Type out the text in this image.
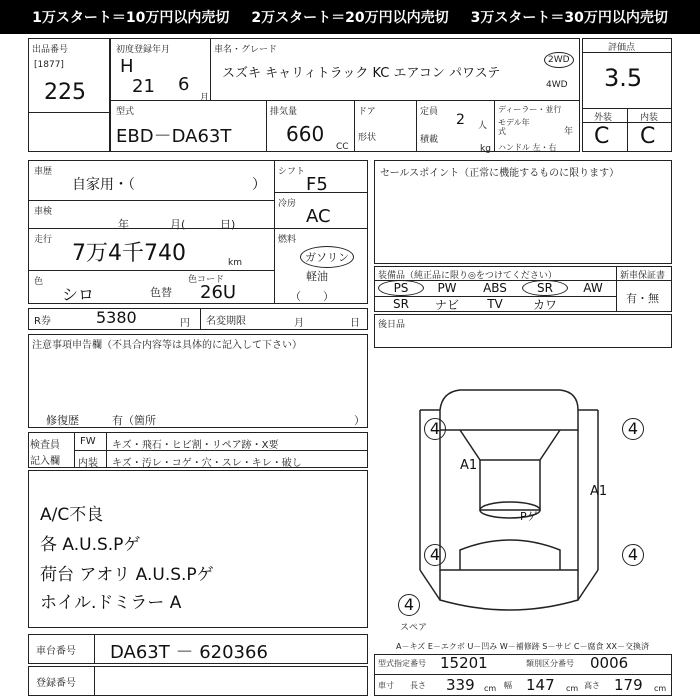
1万スタート＝10万円以内売切 2万スタート＝20万円以内売切 3万スタート＝30万円以内売切
出品番号
[1877]
225
型式
初度登録年月
H
21 6
月
車名・グレード
スズキ キャリィトラック KC エアコン パワステ
2WD
4WD
EBD－DA63T
排気量
660
CC
ドア
形状
定員 2 人
積載
kg
ディーラー・並行
モデル年式	年
ハンドル 左・右
評価点
3.5
外装	内装
C C
車歴
自家用・（	）
車検
年	月(	日)
走行
7万4千740	km
色
シロ	色替
色コード
26U
シフト
F5
冷房
AC
燃料
ガソリン
軽油
（　　）
R券	5380	円 名変期限	月	日
セールスポイント（正常に機能するものに限ります）
装備品（純正品に限り◎をつけてください）	新車保証書
有・無
PS	PW	ABS	SR	AW
SR	ナビ	TV	カワ
後日品
注意事項申告欄（不具合内容等は具体的に記入して下さい）
修復歴	有（箇所	）
検査員
記入欄
FW キズ・飛石・ヒビ割・リペア跡・X要
内装 キズ・汚レ・コゲ・穴・スレ・キレ・破し
A/C不良
各 A.U.S.Pゲ
荷台 アオリ A.U.S.Pゲ
ホイル.ドミラー A
4	4
4	4
4
スペア
A1
A1
Pゲ
A－キズ E－エクボ U－凹み W－補修跡 S－サビ C－腐食 XX－交換済
車台番号 DA63T － 620366
登録番号
型式指定番号 15201	類別区分番号 0006
車寸 長さ 339 cm 幅 147 cm 高さ 179 cm
